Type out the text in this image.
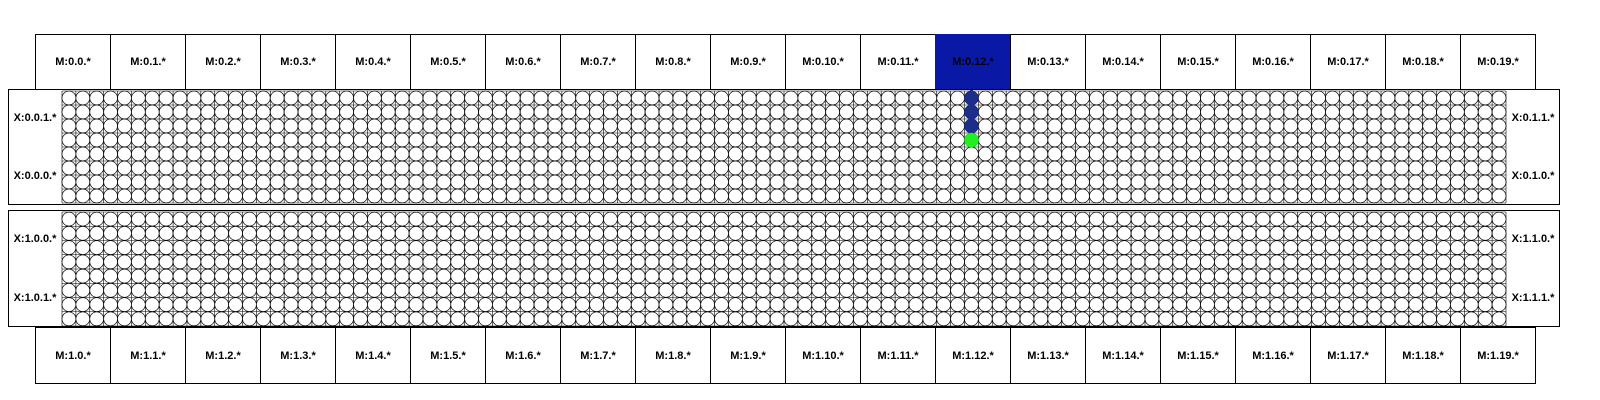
M:0.0.*	M:0.1.*	M:0.2.*	M:0.3.*	M:0.4.*	M:0.5.*	M:0.6.*	M:0.7.*	M:0.8.*	M:0.9.*	M:0.10.*	M:0.11.*	M:0.12.*	M:0.13.*	M:0.14.*	M:0.15.*	M:0.16.*	M:0.17.*	M:0.18.*	M:0.19.*
M:1.0.*	M:1.1.*	M:1.2.*	M:1.3.*	M:1.4.*	M:1.5.*	M:1.6.*	M:1.7.*	M:1.8.*	M:1.9.*	M:1.10.*	M:1.11.*	M:1.12.*	M:1.13.*	M:1.14.*	M:1.15.*	M:1.16.*	M:1.17.*	M:1.18.*	M:1.19.*
X:0.0.1.*
X:0.0.0.*
X:1.0.0.*
X:1.0.1.*
X:0.1.1.*
X:0.1.0.*
X:1.1.0.*
X:1.1.1.*
